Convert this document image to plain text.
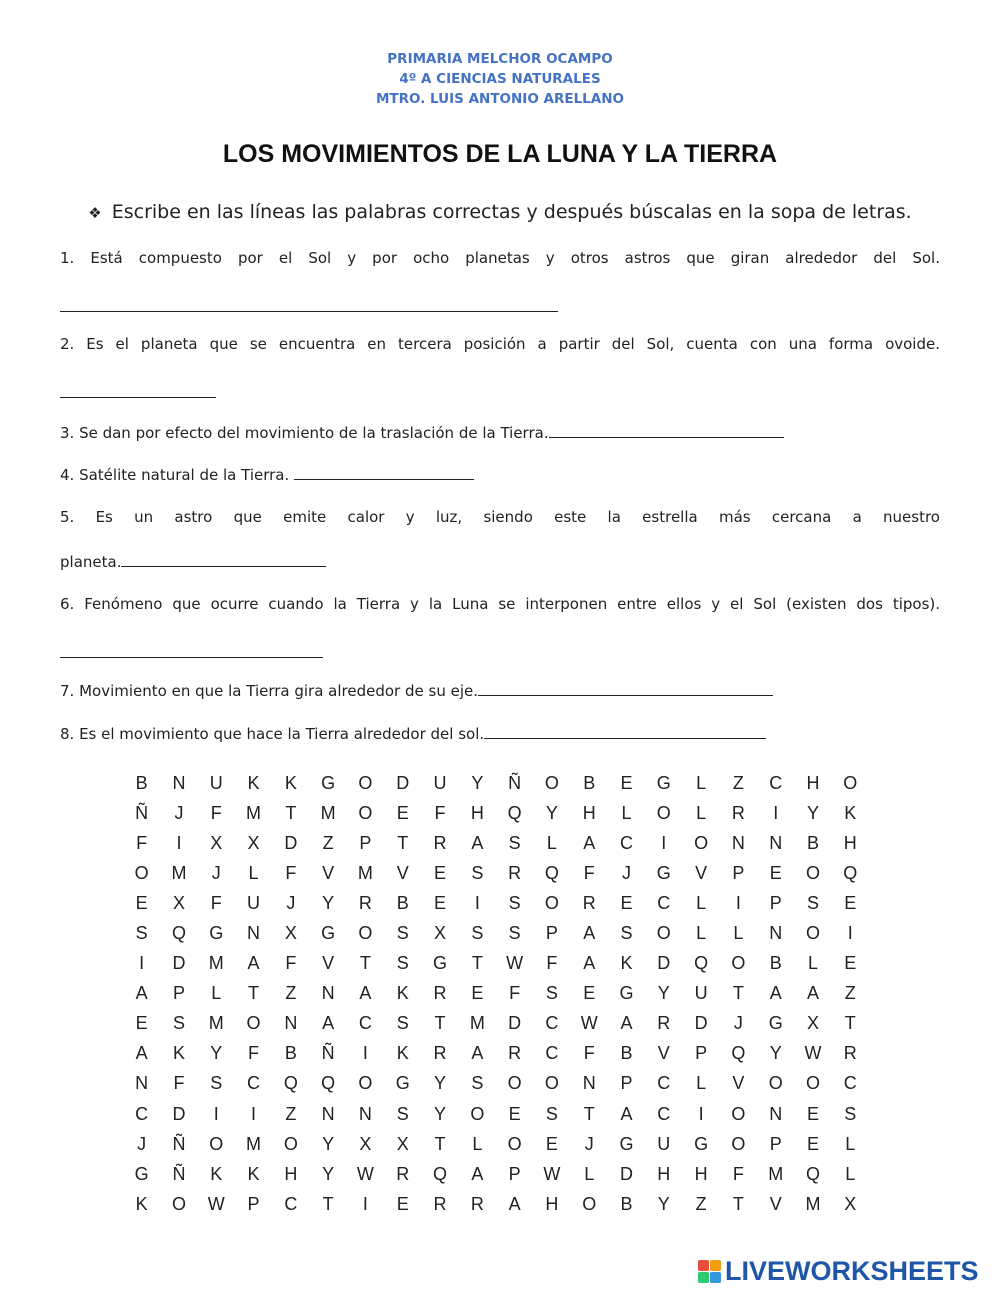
PRIMARIA MELCHOR OCAMPO
4º A CIENCIAS NATURALES
MTRO. LUIS ANTONIO ARELLANO
LOS MOVIMIENTOS DE LA LUNA Y LA TIERRA
❖ Escribe en las líneas las palabras correctas y después búscalas en la sopa de letras.
1. Está compuesto por el Sol y por ocho planetas y otros astros que giran alrededor del Sol.
2. Es el planeta que se encuentra en tercera posición a partir del Sol, cuenta con una forma ovoide.
3. Se dan por efecto del movimiento de la traslación de la Tierra.
4. Satélite natural de la Tierra.
5. Es un astro que emite calor y luz, siendo este la estrella más cercana a nuestro
planeta.
6. Fenómeno que ocurre cuando la Tierra y la Luna se interponen entre ellos y el Sol (existen dos tipos).
7. Movimiento en que la Tierra gira alrededor de su eje.
8. Es el movimiento que hace la Tierra alrededor del sol.
B	N	U	K	K	G	O	D	U	Y	Ñ	O	B	E	G	L	Z	C	H	O
Ñ	J	F	M	T	M	O	E	F	H	Q	Y	H	L	O	L	R	I	Y	K
F	I	X	X	D	Z	P	T	R	A	S	L	A	C	I	O	N	N	B	H
O	M	J	L	F	V	M	V	E	S	R	Q	F	J	G	V	P	E	O	Q
E	X	F	U	J	Y	R	B	E	I	S	O	R	E	C	L	I	P	S	E
S	Q	G	N	X	G	O	S	X	S	S	P	A	S	O	L	L	N	O	I
I	D	M	A	F	V	T	S	G	T	W	F	A	K	D	Q	O	B	L	E
A	P	L	T	Z	N	A	K	R	E	F	S	E	G	Y	U	T	A	A	Z
E	S	M	O	N	A	C	S	T	M	D	C	W	A	R	D	J	G	X	T
A	K	Y	F	B	Ñ	I	K	R	A	R	C	F	B	V	P	Q	Y	W	R
N	F	S	C	Q	Q	O	G	Y	S	O	O	N	P	C	L	V	O	O	C
C	D	I	I	Z	N	N	S	Y	O	E	S	T	A	C	I	O	N	E	S
J	Ñ	O	M	O	Y	X	X	T	L	O	E	J	G	U	G	O	P	E	L
G	Ñ	K	K	H	Y	W	R	Q	A	P	W	L	D	H	H	F	M	Q	L
K	O	W	P	C	T	I	E	R	R	A	H	O	B	Y	Z	T	V	M	X
LIVEWORKSHEETS
